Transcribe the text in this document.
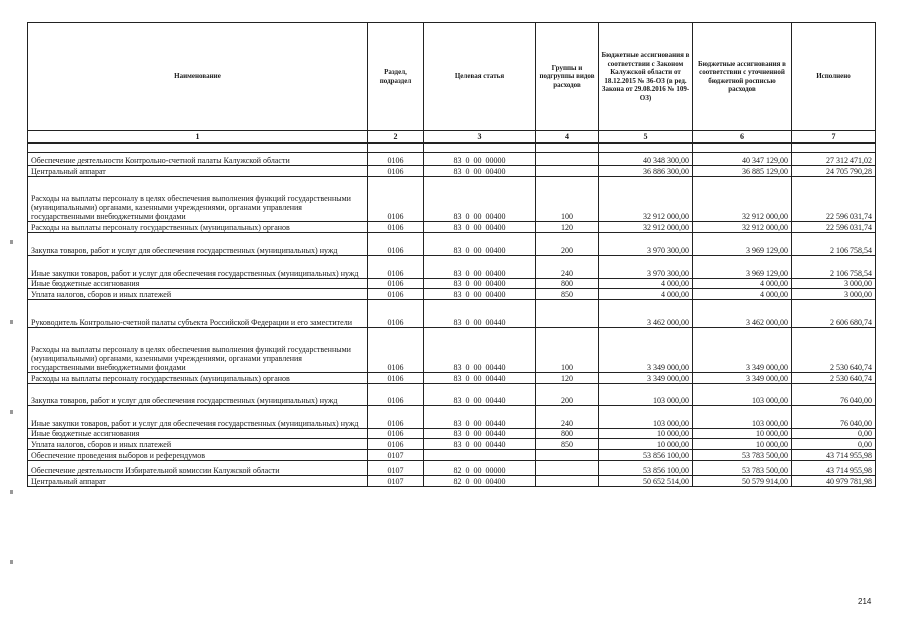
Наименование	Раздел, подраздел	Целевая статья	Группы и подгруппы видов расходов	Бюджетные ассигнования в соответствии с Законом Калужской области от 18.12.2015 № 36-ОЗ (в ред. Закона от 29.08.2016 № 109-ОЗ)	Бюджетные ассигнования в соответствии с уточненной бюджетной росписью расходов	Исполнено
1	2	3	4	5	6	7

Обеспечение деятельности Контрольно-счетной палаты Калужской области	0106	83  0  00  00000		40 348 300,00	40 347 129,00	27 312 471,02
Центральный аппарат	0106	83  0  00  00400		36 886 300,00	36 885 129,00	24 705 790,28
Расходы на выплаты персоналу в целях обеспечения выполнения функций государственными (муниципальными) органами, казенными учреждениями, органами управления государственными внебюджетными фондами	0106	83  0  00  00400	100	32 912 000,00	32 912 000,00	22 596 031,74
Расходы на выплаты персоналу государственных (муниципальных) органов	0106	83  0  00  00400	120	32 912 000,00	32 912 000,00	22 596 031,74
Закупка товаров, работ и услуг для обеспечения государственных (муниципальных) нужд	0106	83  0  00  00400	200	3 970 300,00	3 969 129,00	2 106 758,54
Иные закупки товаров, работ и услуг для обеспечения государственных (муниципальных) нужд	0106	83  0  00  00400	240	3 970 300,00	3 969 129,00	2 106 758,54
Иные бюджетные ассигнования	0106	83  0  00  00400	800	4 000,00	4 000,00	3 000,00
Уплата налогов, сборов и иных платежей	0106	83  0  00  00400	850	4 000,00	4 000,00	3 000,00
Руководитель Контрольно-счетной палаты субъекта Российской Федерации и его заместители	0106	83  0  00  00440		3 462 000,00	3 462 000,00	2 606 680,74
Расходы на выплаты персоналу в целях обеспечения выполнения функций государственными (муниципальными) органами, казенными учреждениями, органами управления государственными внебюджетными фондами	0106	83  0  00  00440	100	3 349 000,00	3 349 000,00	2 530 640,74
Расходы на выплаты персоналу государственных (муниципальных) органов	0106	83  0  00  00440	120	3 349 000,00	3 349 000,00	2 530 640,74
Закупка товаров, работ и услуг для обеспечения государственных (муниципальных) нужд	0106	83  0  00  00440	200	103 000,00	103 000,00	76 040,00
Иные закупки товаров, работ и услуг для обеспечения государственных (муниципальных) нужд	0106	83  0  00  00440	240	103 000,00	103 000,00	76 040,00
Иные бюджетные ассигнования	0106	83  0  00  00440	800	10 000,00	10 000,00	0,00
Уплата налогов, сборов и иных платежей	0106	83  0  00  00440	850	10 000,00	10 000,00	0,00
Обеспечение проведения выборов и референдумов	0107			53 856 100,00	53 783 500,00	43 714 955,98
Обеспечение деятельности Избирательной комиссии Калужской области	0107	82  0  00  00000		53 856 100,00	53 783 500,00	43 714 955,98
Центральный аппарат	0107	82  0  00  00400		50 652 514,00	50 579 914,00	40 979 781,98
214
